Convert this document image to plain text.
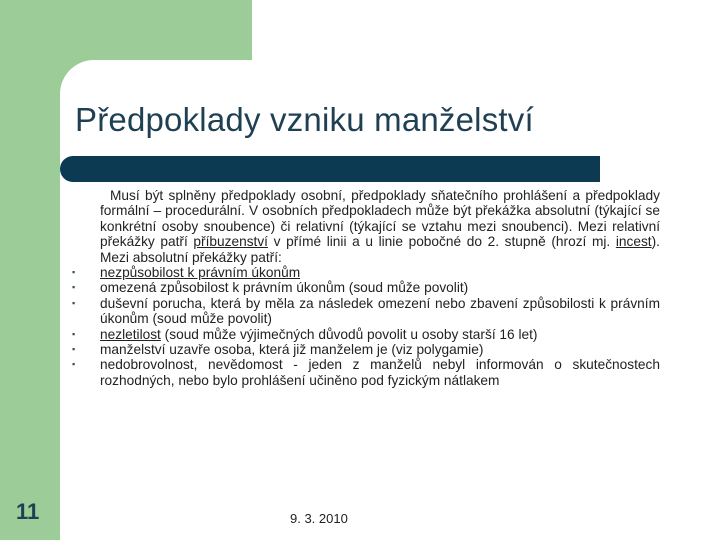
Předpoklady vzniku manželství

Musí být splněny předpoklady osobní, předpoklady sňatečního prohlášení a předpoklady formální – procedurální. V osobních předpokladech může být překážka absolutní (týkající se konkrétní osoby snoubence) či relativní (týkající se vztahu mezi snoubenci). Mezi relativní překážky patří příbuzenství v přímé linii a u linie pobočné do 2. stupně (hrozí mj. incest). Mezi absolutní překážky patří:

▪ nezpůsobilost k právním úkonům
▪ omezená způsobilost k právním úkonům (soud může povolit)
▪ duševní porucha, která by měla za následek omezení nebo zbavení způsobilosti k právním úkonům (soud může povolit)
▪ nezletilost (soud může výjimečných důvodů povolit u osoby starší 16 let)
▪ manželství uzavře osoba, která již manželem je (viz polygamie)
▪ nedobrovolnost, nevědomost - jeden z manželů nebyl informován o skutečnostech rozhodných, nebo bylo prohlášení učiněno pod fyzickým nátlakem
11	9. 3. 2010
